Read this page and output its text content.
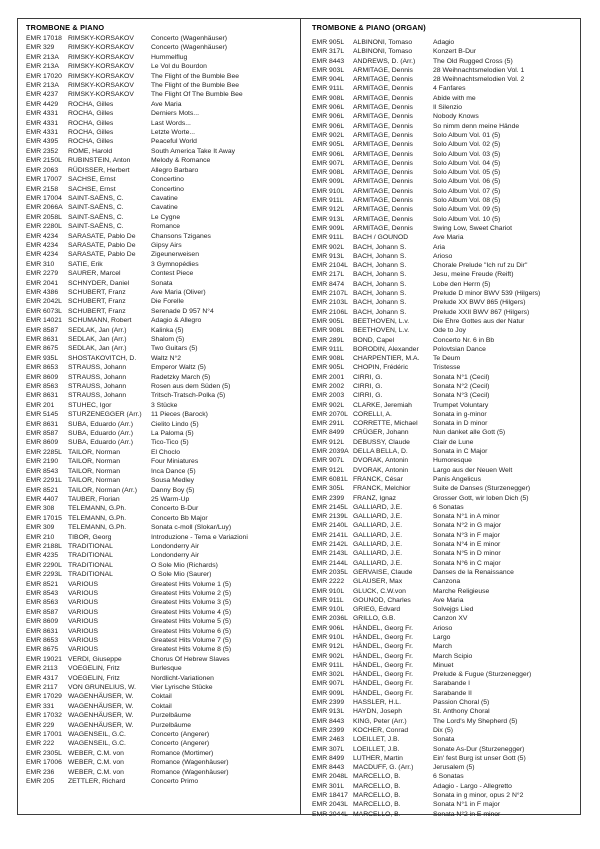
TROMBONE & PIANO
EMR 17018 RIMSKY-KORSAKOV	Concerto (Wagenhäuser)
EMR 329	RIMSKY-KORSAKOV	Concerto (Wagenhäuser)
EMR 213A	RIMSKY-KORSAKOV	Hummelflug
EMR 213A	RIMSKY-KORSAKOV	Le Vol du Bourdon
EMR 17020 RIMSKY-KORSAKOV	The Flight of the Bumble Bee
EMR 213A	RIMSKY-KORSAKOV	The Flight of the Bumble Bee
EMR 4237	RIMSKY-KORSAKOV	The Flight Of The Bumble Bee
EMR 4429	ROCHA, Gilles	Ave Maria
EMR 4331	ROCHA, Gilles	Derniers Mots...
EMR 4331	ROCHA, Gilles	Last Words...
EMR 4331	ROCHA, Gilles	Letzte Worte...
EMR 4395	ROCHA, Gilles	Peaceful World
EMR 2352	ROME, Harold	South America Take It Away
EMR 2150L RUBINSTEIN, Anton	Melody & Romance
EMR 2063	RÜDISSER, Herbert	Allegro Barbaro
EMR 17007 SACHSE, Ernst	Concertino
EMR 2158	SACHSE, Ernst	Concertino
EMR 17004 SAINT-SAËNS, C.	Cavatine
EMR 2066A SAINT-SAËNS, C.	Cavatine
EMR 2058L SAINT-SAËNS, C.	Le Cygne
EMR 2280L SAINT-SAËNS, C.	Romance
EMR 4234	SARASATE, Pablo De	Chansons Tziganes
EMR 4234	SARASATE, Pablo De	Gipsy Airs
EMR 4234	SARASATE, Pablo De	Zigeunerweisen
EMR 310	SATIE, Erik	3 Gymnopédies
EMR 2279	SAURER, Marcel	Contest Piece
EMR 2041	SCHNYDER, Daniel	Sonata
EMR 4386	SCHUBERT, Franz	Ave Maria (Oliver)
EMR 2042L SCHUBERT, Franz	Die Forelle
EMR 6073L SCHUBERT, Franz	Serenade D 957 N°4
EMR 14021 SCHUMANN, Robert	Adagio & Allegro
EMR 8587	SEDLAK, Jan (Arr.)	Kalinka (5)
EMR 8631	SEDLAK, Jan (Arr.)	Shalom (5)
EMR 8675	SEDLAK, Jan (Arr.)	Two Guitars (5)
EMR 935L	SHOSTAKOVITCH, D.	Waltz N°2
EMR 8653	STRAUSS, Johann	Emperor Waltz (5)
EMR 8609	STRAUSS, Johann	Radetzky March (5)
EMR 8563	STRAUSS, Johann	Rosen aus dem Süden (5)
EMR 8631	STRAUSS, Johann	Tritsch-Tratsch-Polka (5)
EMR 201	STUHEC, Igor	3 Stücke
EMR 5145	STURZENEGGER (Arr.)	11 Pieces (Barock)
EMR 8631	SUBA, Eduardo (Arr.)	Cielito Lindo (5)
EMR 8587	SUBA, Eduardo (Arr.)	La Paloma (5)
EMR 8609	SUBA, Eduardo (Arr.)	Tico-Tico (5)
EMR 2285L TAILOR, Norman	El Choclo
EMR 2190	TAILOR, Norman	Four Miniatures
EMR 8543	TAILOR, Norman	Inca Dance (5)
EMR 2291L TAILOR, Norman	Sousa Medley
EMR 8521	TAILOR, Norman (Arr.)	Danny Boy (5)
EMR 4407	TAUBER, Florian	25 Warm-Up
EMR 308	TELEMANN, G.Ph.	Concerto B-Dur
EMR 17015 TELEMANN, G.Ph.	Concerto Bb Major
EMR 309	TELEMANN, G.Ph.	Sonata c-moll (Slokar/Luy)
EMR 210	TIBOR, Georg	Introduzione - Tema e Variazioni
EMR 2188L TRADITIONAL	Londonderry Air
EMR 4235	TRADITIONAL	Londonderry Air
EMR 2290L TRADITIONAL	O Sole Mio (Richards)
EMR 2293L TRADITIONAL	O Sole Mio (Saurer)
EMR 8521	VARIOUS	Greatest Hits Volume 1 (5)
EMR 8543	VARIOUS	Greatest Hits Volume 2 (5)
EMR 8563	VARIOUS	Greatest Hits Volume 3 (5)
EMR 8587	VARIOUS	Greatest Hits Volume 4 (5)
EMR 8609	VARIOUS	Greatest Hits Volume 5 (5)
EMR 8631	VARIOUS	Greatest Hits Volume 6 (5)
EMR 8653	VARIOUS	Greatest Hits Volume 7 (5)
EMR 8675	VARIOUS	Greatest Hits Volume 8 (5)
EMR 19021 VERDI, Giuseppe	Chorus Of Hebrew Slaves
EMR 2113	VOEGELIN, Fritz	Burlesque
EMR 4317	VOEGELIN, Fritz	Nordlicht-Variationen
EMR 2117	VON GRUNELIUS, W.	Vier Lyrische Stücke
EMR 17029 WAGENHÄUSER, W.	Coktail
EMR 331	WAGENHÄUSER, W.	Coktail
EMR 17032 WAGENHÄUSER, W.	Purzelbäume
EMR 229	WAGENHÄUSER, W.	Purzelbäume
EMR 17001 WAGENSEIL, G.C.	Concerto (Angerer)
EMR 222	WAGENSEIL, G.C.	Concerto (Angerer)
EMR 2305L WEBER, C.M. von	Romance (Mortimer)
EMR 17006 WEBER, C.M. von	Romance (Wagenhäuser)
EMR 236	WEBER, C.M. von	Romance (Wagenhäuser)
EMR 205	ZETTLER, Richard	Concerto Primo
TROMBONE & PIANO (ORGAN)
EMR 905L	ALBINONI, Tomaso	Adagio
EMR 317L	ALBINONI, Tomaso	Konzert B-Dur
EMR 8443	ANDREWS, D. (Arr.)	The Old Rugged Cross (5)
EMR 903L	ARMITAGE, Dennis	28 Weihnachtsmelodien Vol. 1
EMR 904L	ARMITAGE, Dennis	28 Weihnachtsmelodien Vol. 2
EMR 911L	ARMITAGE, Dennis	4 Fanfares
EMR 908L	ARMITAGE, Dennis	Abide with me
EMR 906L	ARMITAGE, Dennis	Il Silenzio
EMR 906L	ARMITAGE, Dennis	Nobody Knows
EMR 906L	ARMITAGE, Dennis	So nimm denn meine Hände
EMR 902L	ARMITAGE, Dennis	Solo Album Vol. 01 (5)
EMR 905L	ARMITAGE, Dennis	Solo Album Vol. 02 (5)
EMR 906L	ARMITAGE, Dennis	Solo Album Vol. 03 (5)
EMR 907L	ARMITAGE, Dennis	Solo Album Vol. 04 (5)
EMR 908L	ARMITAGE, Dennis	Solo Album Vol. 05 (5)
EMR 909L	ARMITAGE, Dennis	Solo Album Vol. 06 (5)
EMR 910L	ARMITAGE, Dennis	Solo Album Vol. 07 (5)
EMR 911L	ARMITAGE, Dennis	Solo Album Vol. 08 (5)
EMR 912L	ARMITAGE, Dennis	Solo Album Vol. 09 (5)
EMR 913L	ARMITAGE, Dennis	Solo Album Vol. 10 (5)
EMR 909L	ARMITAGE, Dennis	Swing Low, Sweet Chariot
EMR 911L	BACH / GOUNOD	Ave Maria
EMR 902L	BACH, Johann S.	Aria
EMR 913L	BACH, Johann S.	Arioso
EMR 2104L BACH, Johann S.	Chorale Prelude "Ich ruf zu Dir"
EMR 217L	BACH, Johann S.	Jesu, meine Freude (Reift)
EMR 8474	BACH, Johann S.	Lobe den Herrn (5)
EMR 2107L BACH, Johann S.	Prelude D minor BWV 539 (Hilgers)
EMR 2103L BACH, Johann S.	Prelude XX BWV 865 (Hilgers)
EMR 2106L BACH, Johann S.	Prelude XXII BWV 867 (Hilgers)
EMR 905L	BEETHOVEN, L.v.	Die Ehre Gottes aus der Natur
EMR 908L	BEETHOVEN, L.v.	Ode to Joy
EMR 289L	BOND, Capel	Concerto Nr. 6 in Bb
EMR 911L	BORODIN, Alexander	Polovtsian Dance
EMR 908L	CHARPENTIER, M.A.	Te Deum
EMR 905L	CHOPIN, Frédéric	Tristesse
EMR 2001	CIRRI, G.	Sonata N°1 (Cecil)
EMR 2002	CIRRI, G.	Sonata N°2 (Cecil)
EMR 2003	CIRRI, G.	Sonata N°3 (Cecil)
EMR 902L	CLARKE, Jeremiah	Trumpet Voluntary
EMR 2070L CORELLI, A.	Sonata in g-minor
EMR 291L	CORRETTE, Michael	Sonata in D minor
EMR 8499	CRÜGER, Johann	Nun danket alle Gott (5)
EMR 912L	DEBUSSY, Claude	Clair de Lune
EMR 2039A DELLA BELLA, D.	Sonata in C Major
EMR 907L	DVORAK, Antonin	Humoresque
EMR 912L	DVORAK, Antonin	Largo aus der Neuen Welt
EMR 6081L FRANCK, César	Panis Angelicus
EMR 305L	FRANCK, Melchior	Suite de Danses (Sturzenegger)
EMR 2399	FRANZ, Ignaz	Grosser Gott, wir loben Dich (5)
EMR 2145L GALLIARD, J.E.	6 Sonatas
EMR 2139L GALLIARD, J.E.	Sonata N°1 in A minor
EMR 2140L GALLIARD, J.E.	Sonata N°2 in G major
EMR 2141L GALLIARD, J.E.	Sonata N°3 in F major
EMR 2142L GALLIARD, J.E.	Sonata N°4 in E minor
EMR 2143L GALLIARD, J.E.	Sonata N°5 in D minor
EMR 2144L GALLIARD, J.E.	Sonata N°6 in C major
EMR 2035L GERVAISE, Claude	Danses de la Renaissance
EMR 2222	GLAUSER, Max	Canzona
EMR 910L	GLUCK, C.W.von	Marche Religieuse
EMR 911L	GOUNOD, Charles	Ave Maria
EMR 910L	GRIEG, Edvard	Solvejgs Lied
EMR 2036L GRILLO, G.B.	Canzon XV
EMR 906L	HÄNDEL, Georg Fr.	Arioso
EMR 910L	HÄNDEL, Georg Fr.	Largo
EMR 912L	HÄNDEL, Georg Fr.	March
EMR 902L	HÄNDEL, Georg Fr.	March Scipio
EMR 911L	HÄNDEL, Georg Fr.	Minuet
EMR 302L	HÄNDEL, Georg Fr.	Prelude & Fugue (Sturzenegger)
EMR 907L	HÄNDEL, Georg Fr.	Sarabande I
EMR 909L	HÄNDEL, Georg Fr.	Sarabande II
EMR 2399	HASSLER, H.L.	Passion Choral (5)
EMR 913L	HAYDN, Joseph	St. Anthony Choral
EMR 8443	KING, Peter (Arr.)	The Lord's My Shepherd (5)
EMR 2399	KOCHER, Conrad	Dix (5)
EMR 2463	LOEILLET, J.B.	Sonata
EMR 307L	LOEILLET, J.B.	Sonate As-Dur (Sturzenegger)
EMR 8499	LUTHER, Martin	Ein' fest Burg ist unser Gott (5)
EMR 8443	MACDUFF, G. (Arr.)	Jerusalem (5)
EMR 2048L MARCELLO, B.	6 Sonatas
EMR 301L	MARCELLO, B.	Adagio - Largo - Allegretto
EMR 18417 MARCELLO, B.	Sonata in g minor, opus 2 N°2
EMR 2043L MARCELLO, B.	Sonata N°1 in F major
EMR 2044L MARCELLO, B.	Sonata N°2 in E minor
